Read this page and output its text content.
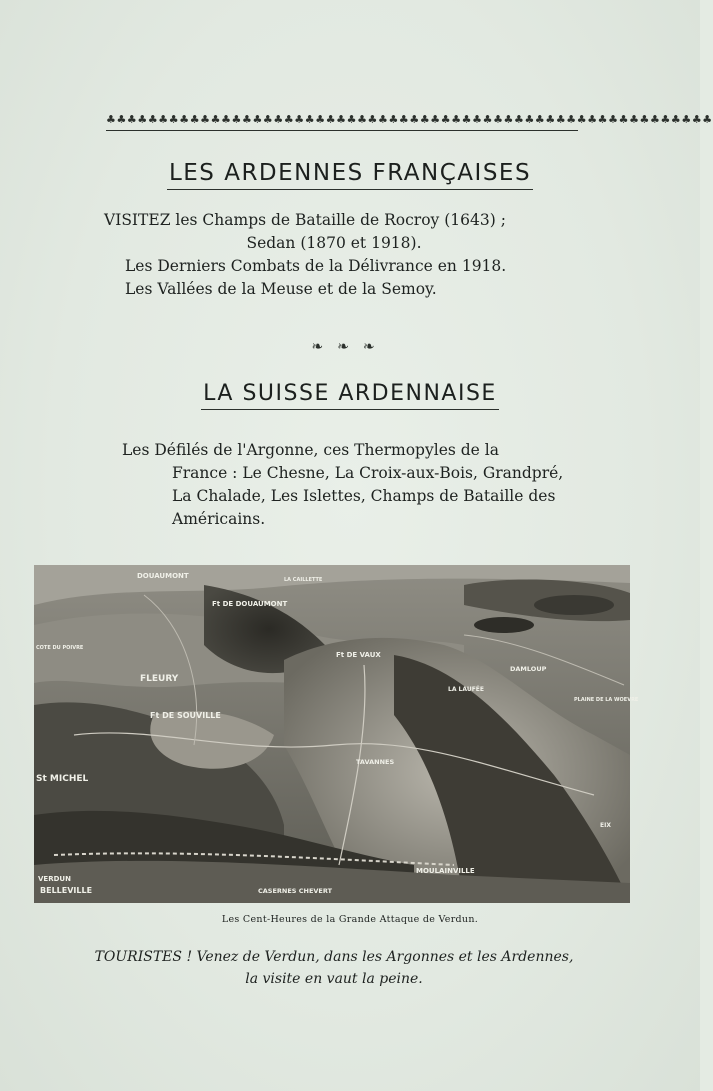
♣♣♣♣♣♣♣♣♣♣♣♣♣♣♣♣♣♣♣♣♣♣♣♣♣♣♣♣♣♣♣♣♣♣♣♣♣♣♣♣♣♣♣♣♣♣♣♣♣♣♣♣♣♣♣♣♣♣
LES ARDENNES FRANÇAISES
VISITEZ les Champs de Bataille de Rocroy (1643) ;
Sedan (1870 et 1918).
Les Derniers Combats de la Délivrance en 1918.
Les Vallées de la Meuse et de la Semoy.
❧❧❧
LA SUISSE ARDENNAISE
Les Défilés de l'Argonne, ces Thermopyles de la
France : Le Chesne, La Croix-aux-Bois, Grandpré,
La Chalade, Les Islettes, Champs de Bataille des
Américains.
DOUAUMONT
Ft DE DOUAUMONT
Ft DE VAUX
FLEURY
Ft DE SOUVILLE
TAVANNES
DAMLOUP
LA LAUFÉE
St MICHEL
VERDUN
BELLEVILLE	CASERNES CHEVERT
MOULAINVILLE
COTE DU POIVRE
PLAINE DE LA WOEVRE
EIX
LA CAILLETTE
Les Cent-Heures de la Grande Attaque de Verdun.
TOURISTES ! Venez de Verdun, dans les Argonnes et les Ardennes,
la visite en vaut la peine.
